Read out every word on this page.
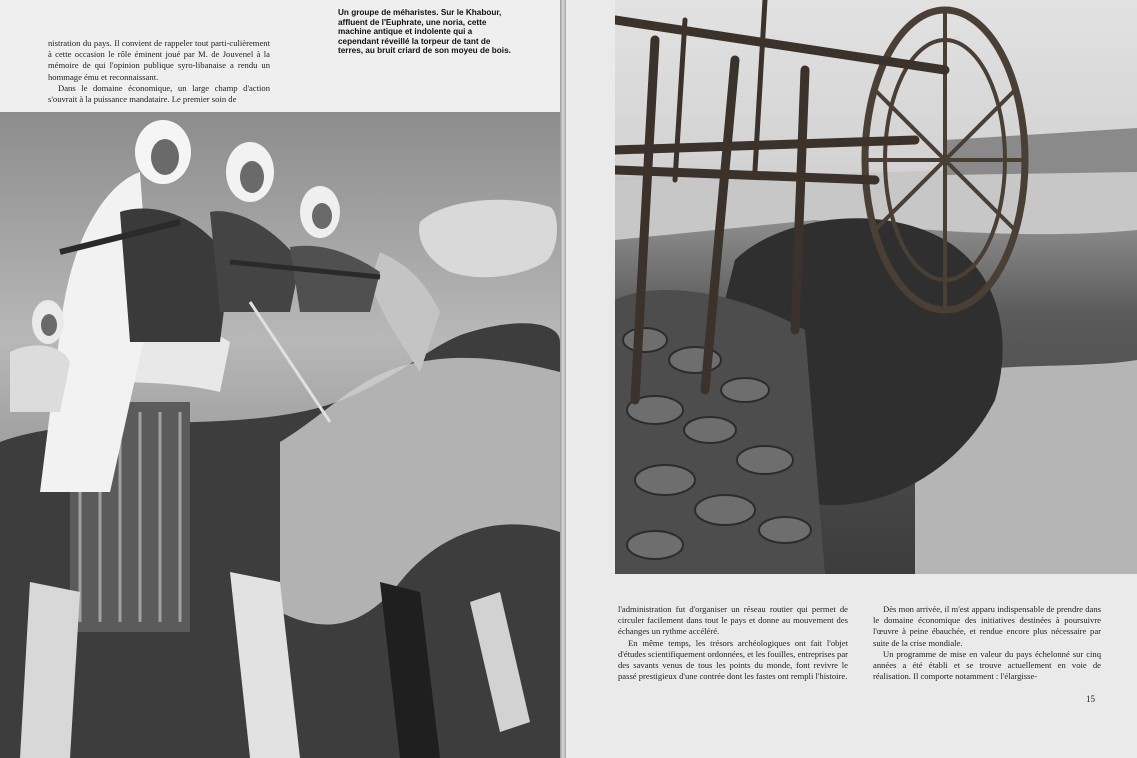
nistration du pays. Il convient de rappeler tout parti-culièrement à cette occasion le rôle éminent joué par M. de Jouvenel à la mémoire de qui l'opinion publique syro-libanaise a rendu un hommage ému et reconnaissant.

Dans le domaine économique, un large champ d'action s'ouvrait à la puissance mandataire. Le premier soin de

Un groupe de méharistes. Sur le Khabour, affluent de l'Euphrate, une noria, cette machine antique et indolente qui a cependant réveillé la torpeur de tant de terres, au bruit criard de son moyeu de bois.

l'administration fut d'organiser un réseau routier qui permet de circuler facilement dans tout le pays et donne au mouvement des échanges un rythme accéléré.

En même temps, les trésors archéologiques ont fait l'objet d'études scientifiquement ordonnées, et les fouilles, entreprises par des savants venus de tous les points du monde, font revivre le passé prestigieux d'une contrée dont les fastes ont rempli l'histoire.

Dès mon arrivée, il m'est apparu indispensable de prendre dans le domaine économique des initiatives destinées à poursuivre l'œuvre à peine ébauchée, et rendue encore plus nécessaire par suite de la crise mondiale.

Un programme de mise en valeur du pays échelonné sur cinq années a été établi et se trouve actuellement en voie de réalisation. Il comporte notamment : l'élargisse-

15
